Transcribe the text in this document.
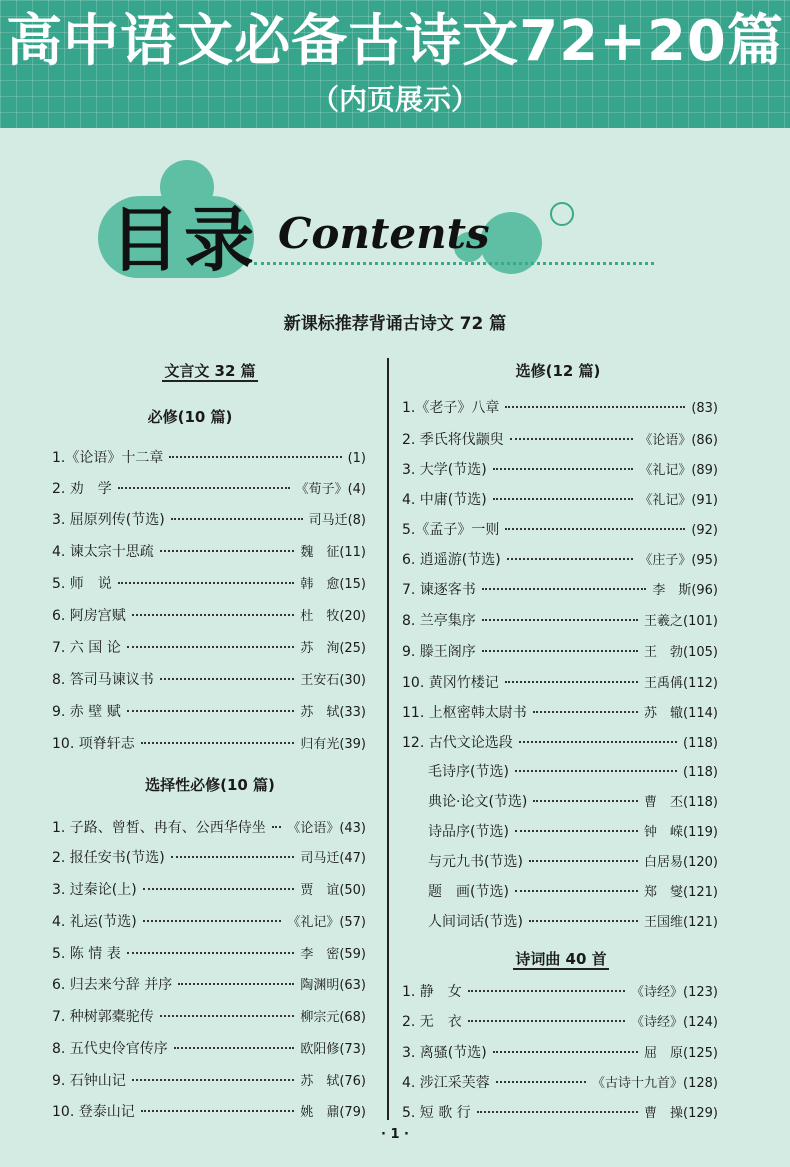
高中语文必备古诗文72+20篇
（内页展示）
目录 Contents
新课标推荐背诵古诗文 72 篇
文言文 32 篇
必修(10 篇)
1.《论语》十二章	(1)
2. 劝　学	《荀子》(4)
3. 屈原列传(节选)	司马迁(8)
4. 谏太宗十思疏	魏　征(11)
5. 师　说	韩　愈(15)
6. 阿房宫赋	杜　牧(20)
7. 六 国 论	苏　洵(25)
8. 答司马谏议书	王安石(30)
9. 赤 壁 赋	苏　轼(33)
10. 项脊轩志	归有光(39)
选择性必修(10 篇)
1. 子路、曾皙、冉有、公西华侍坐 《论语》(43)
2. 报任安书(节选)	司马迁(47)
3. 过秦论(上)	贾　谊(50)
4. 礼运(节选)	《礼记》(57)
5. 陈 情 表	李　密(59)
6. 归去来兮辞 并序	陶渊明(63)
7. 种树郭橐驼传	柳宗元(68)
8. 五代史伶官传序	欧阳修(73)
9. 石钟山记	苏　轼(76)
10. 登泰山记	姚　鼐(79)
选修(12 篇)
1.《老子》八章	(83)
2. 季氏将伐颛臾	《论语》(86)
3. 大学(节选)	《礼记》(89)
4. 中庸(节选)	《礼记》(91)
5.《孟子》一则	(92)
6. 逍遥游(节选)	《庄子》(95)
7. 谏逐客书	李　斯(96)
8. 兰亭集序	王羲之(101)
9. 滕王阁序	王　勃(105)
10. 黄冈竹楼记	王禹偁(112)
11. 上枢密韩太尉书	苏　辙(114)
12. 古代文论选段	(118)
毛诗序(节选)	(118)
典论·论文(节选)	曹　丕(118)
诗品序(节选)	钟　嵘(119)
与元九书(节选)	白居易(120)
题　画(节选)	郑　燮(121)
人间词话(节选)	王国维(121)
诗词曲 40 首
1. 静　女	《诗经》(123)
2. 无　衣	《诗经》(124)
3. 离骚(节选)	屈　原(125)
4. 涉江采芙蓉	《古诗十九首》(128)
5. 短 歌 行	曹　操(129)
· 1 ·
